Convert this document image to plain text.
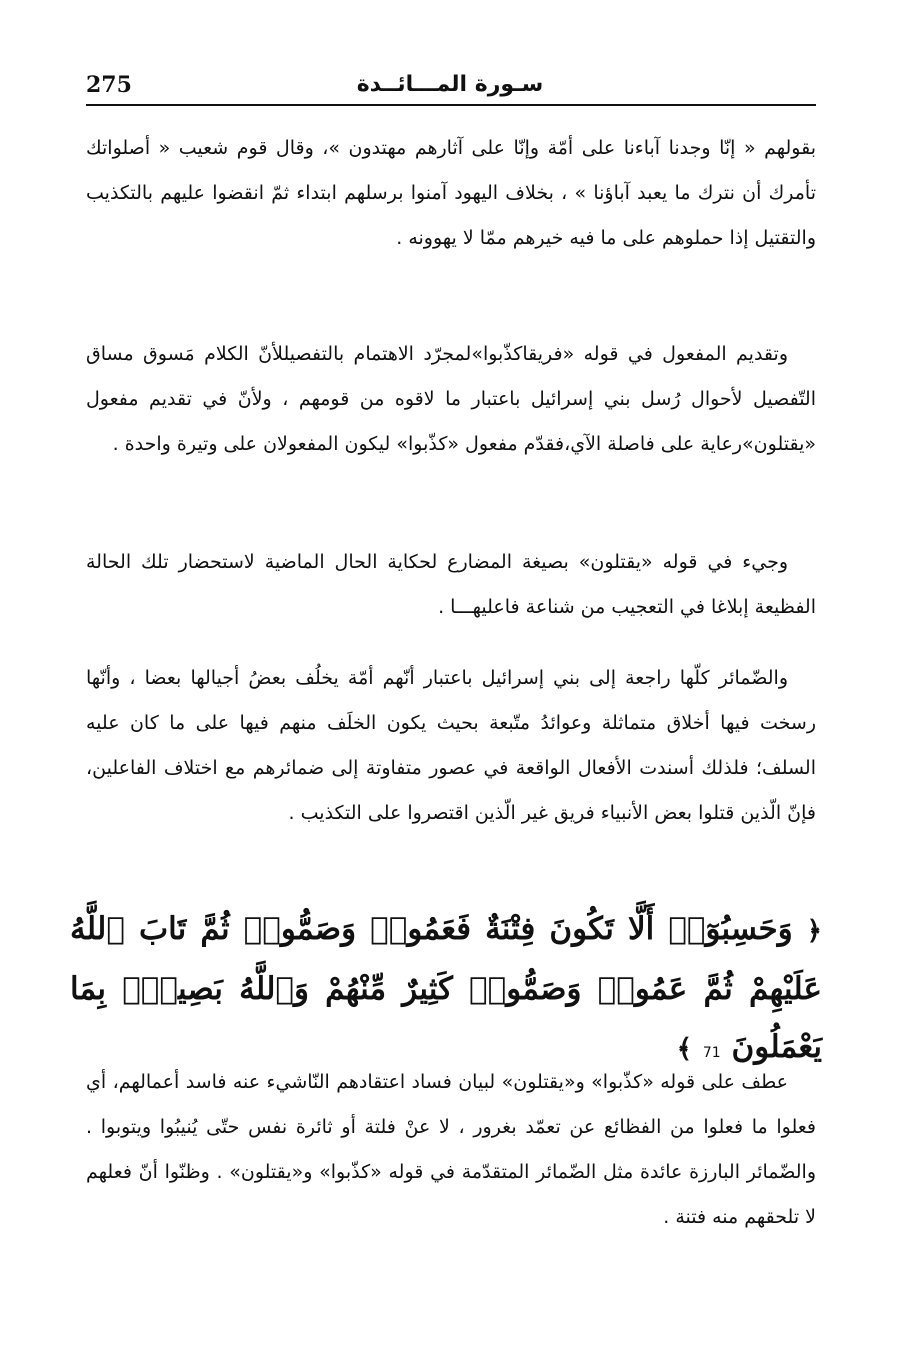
275	سـورة المـــائــدة

بقولهم « إنّا وجدنا آباءنا على أمّة وإنّا على آثارهم مهتدون »، وقال قوم شعيب « أصلواتك تأمرك أن نترك ما يعبد آباؤنا » ، بخلاف اليهود آمنوا برسلهم ابتداء ثمّ انقضوا عليهم بالتكذيب والتقتيل إذا حملوهم على ما فيه خيرهم ممّا لا يهوونه .

وتقديم المفعول في قوله «فريقاكذّبوا»لمجرّد الاهتمام بالتفصيللأنّ الكلام مَسوق مساق التّفصيل لأحوال رُسل بني إسرائيل باعتبار ما لاقوه من قومهم ، ولأنّ في تقديم مفعول «يقتلون»رعاية على فاصلة الآي،فقدّم مفعول «كذّبوا» ليكون المفعولان على وتيرة واحدة .

وجيء في قوله «يقتلون» بصيغة المضارع لحكاية الحال الماضية لاستحضار تلك الحالة الفظيعة إبلاغا في التعجيب من شناعة فاعليهـــا .

والضّمائر كلّها راجعة إلى بني إسرائيل باعتبار أنّهم أمّة يخلُف بعضُ أجيالها بعضا ، وأنّها رسخت فيها أخلاق متماثلة وعوائدُ متّبعة بحيث يكون الخلَف منهم فيها على ما كان عليه السلف؛ فلذلك أسندت الأفعال الواقعة في عصور متفاوتة إلى ضمائرهم مع اختلاف الفاعلين، فإنّ الّذين قتلوا بعض الأنبياء فريق غير الّذين اقتصروا على التكذيب .

﴿ وَحَسِبُوٓا۟ أَلَّا تَكُونَ فِتْنَةٌ فَعَمُوا۟ وَصَمُّوا۟ ثُمَّ تَابَ ٱللَّهُ عَلَيْهِمْ ثُمَّ عَمُوا۟ وَصَمُّوا۟ كَثِيرٌ مِّنْهُمْ وَٱللَّهُ بَصِيرٌۢ بِمَا يَعْمَلُونَ 71 ﴾

عطف على قوله «كذّبوا» و«يقتلون» لبيان فساد اعتقادهم النّاشيء عنه فاسد أعمالهم، أي فعلوا ما فعلوا من الفظائع عن تعمّد بغرور ، لا عنْ فلتة أو ثائرة نفس حتّى يُنيبُوا ويتوبوا . والضّمائر البارزة عائدة مثل الضّمائر المتقدّمة في قوله «كذّبوا» و«يقتلون» . وظنّوا أنّ فعلهم لا تلحقهم منه فتنة .
